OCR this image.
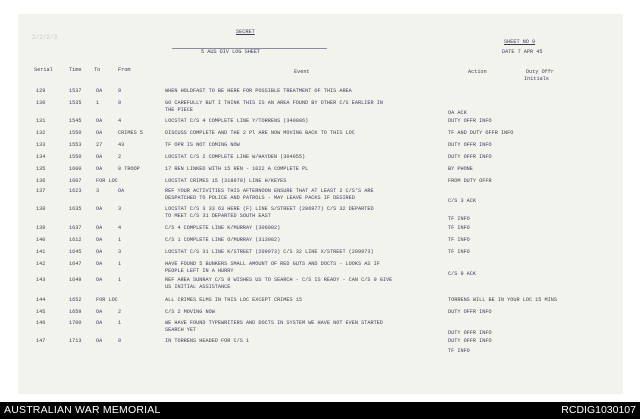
2/2/2/3
SECRET
5 AUS DIV LOG SHEET
SHEET NO 9
DATE 7 APR 45
Serial	Time To	From	Event	Action	Duty Offr
Initials
129	1537	OA	9	WHEN HOLDFAST TO BE HERE FOR POSSIBLE TREATMENT OF THIS AREA
130	1535	1	9	GO CAREFULLY BUT I THINK THIS IS AN AREA FOUND BY OTHER C/S EARLIER IN
THE PIECE	OA ACK
131	1545	OA	4	LOCSTAT C/S 4 COMPLETE LINE Y/TORRENS (340006)	DUTY OFFR INFO
132	1550	OA	CRIMES 5	DISCUSS COMPLETE AND THE 2 Pl ARE NOW MOVING BACK TO THIS LOC	TF AND DUTY OFFR INFO
133	1553	27	43	TF OPR IS NOT COMING NOW	DUTY OFFR INFO
134	1550	OA	2	LOCSTAT C/S 2 COMPLETE LINE W/HAYDEN (304055)	DUTY OFFR INFO
135	1600	OA	0 TROOP	17 REN LINKED WITH 15 REN - 1022 A COMPLETE PL	BY PHONE
136	1607	FOR LOC	LOCSTAT CRIMES 15 (318979) LINE H/KEYES	FROM DUTY OFFR
137	1623	3	OA	REF YOUR ACTIVITIES THIS AFTERNOON ENSURE THAT AT LEAST 2 C/S'S ARE
DESPATCHED TO POLICE AND PATROLS - MAY LEAVE PACKS IF DESIRED	C/S 3 ACK
138	1635	OA	3	LOCSTAT C/S 3 33 63 HERE (F) LINE S/STREET (206977) C/S 32 DEPARTED
TO MEET C/S 31 DEPARTED SOUTH EAST	TF INFO
139	1637	OA	4	C/S 4 COMPLETE LINE K/MURRAY (306002)	TF INFO
140	1612	OA	1	C/S 1 COMPLETE LINE O/MURRAY (313982)	TF INFO
141	1645	OA	3	LOCSTAT C/S 31 LINE K/STREET (209973) C/S 32 LINE X/STREET (209973)	TF INFO
142	1647	OA	1	HAVE FOUND 5 BUNKERS SMALL AMOUNT OF RED GUTS AND DOCTS - LOOKS AS IF
PEOPLE LEFT IN A HURRY	C/S 9 ACK
143	1649	OA	1	REF AREA SUNRAY C/S 9 WISHES US TO SEARCH - C/S IS READY - CAN C/S 9 GIVE
US INITIAL ASSISTANCE
144	1652	FOR LOC	ALL CRIMES ELMS IN THIS LOC EXCEPT CRIMES 15	TORRENS WILL BE IN YOUR LOC 15 MINS
145	1659	OA	2	C/S 2 MOVING NOW	DUTY OFFR INFO
146	1700	OA	1	WE HAVE FOUND TYPEWRITERS AND DOCTS IN SYSTEM WE HAVE NOT EVEN STARTED
SEARCH YET	DUTY OFFR INFO
147	1713	OA	9	IN TORRENS HEADED FOR C/S 1	DUTY OFFR INFO
TF INFO
AUSTRALIAN WAR MEMORIAL	RCDIG1030107
